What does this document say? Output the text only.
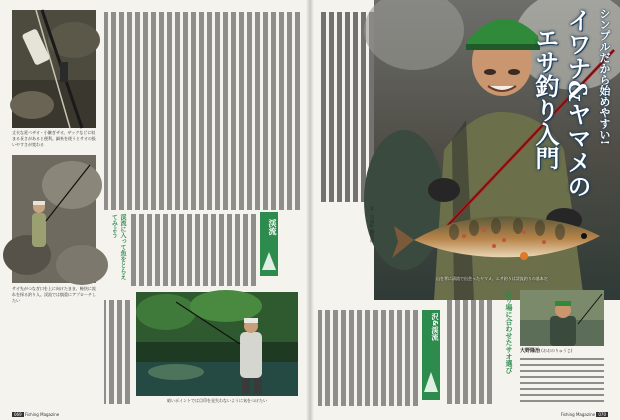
丈夫な延べザオ・小継ぎザオ。ザックなどに収まる長さがあると便利。細糸を使うとサオの扱いやすさが変わる
サオ先がつなぎ口を上に向けたまま、軽快に流れを探る釣り人。渓流では慎重にアプローチしたい
渓流
渓流に入って魚をとらえてみよう
暗いポイントでは目印を見失わないように気をつけたい
069 Fishing Magazine
シンプルだから始めやすい!
イワナ&ヤマメの
エサ釣り入門
文・写真◎編集部
山を背に清流で出会ったヤマメ。エサ釣りは渓流釣りの基本だ
沢&渓流	釣り場に合わせたサオ選び 大野隆治 (おおのりゅうじ)
Fishing Magazine 070
